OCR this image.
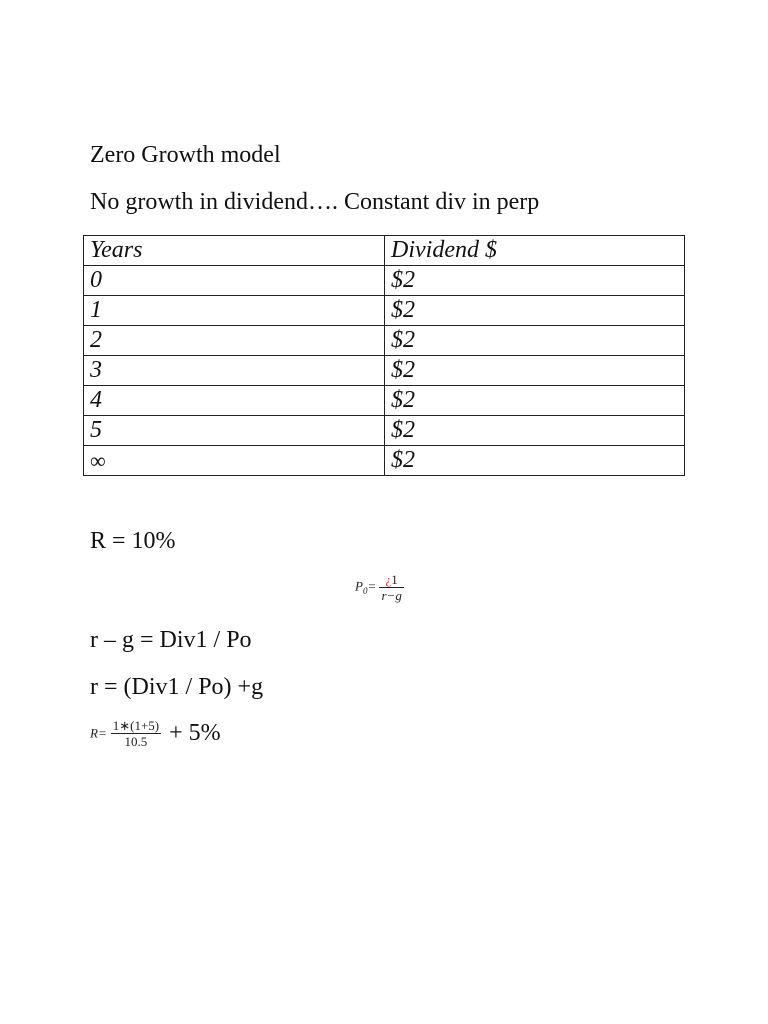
Zero Growth model
No growth in dividend…. Constant div in perp
Years	Dividend $
0	$2
1	$2
2	$2
3	$2
4	$2
5	$2
∞	$2
R = 10%
$P_0= \frac{¿1}{r-g}$
r – g = Div1 / Po
r = (Div1 / Po) +g
$R= \frac{1∗(1+5)}{10.5} + 5\%$
